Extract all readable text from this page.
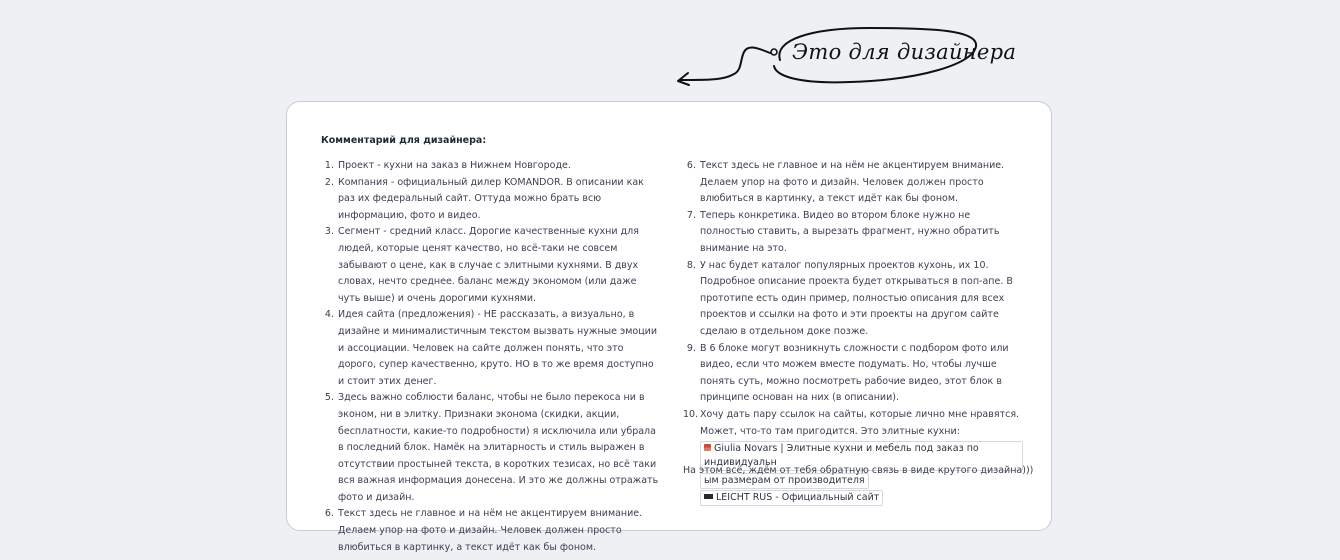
Это для дизайнера
Комментарий для дизайнера:
1. Проект - кухни на заказ в Нижнем Новгороде.
2. Компания - официальный дилер KOMANDOR. В описании как раз их федеральный сайт. Оттуда можно брать всю информацию, фото и видео.
3. Сегмент - средний класс. Дорогие качественные кухни для людей, которые ценят качество, но всё-таки не совсем забывают о цене, как в случае с элитными кухнями. В двух словах, нечто среднее. баланс между экономом (или даже чуть выше) и очень дорогими кухнями.
4. Идея сайта (предложения) - НЕ рассказать, а визуально, в дизайне и минималистичным текстом вызвать нужные эмоции и ассоциации. Человек на сайте должен понять, что это дорого, супер качественно, круто. НО в то же время доступно и стоит этих денег.
5. Здесь важно соблюсти баланс, чтобы не было перекоса ни в эконом, ни в элитку. Признаки эконома (скидки, акции, бесплатности, какие-то подробности) я исключила или убрала в последний блок. Намёк на элитарность и стиль выражен в отсутствии простыней текста, в коротких тезисах, но всё таки вся важная информация донесена. И это же должны отражать фото и дизайн.
6. Текст здесь не главное и на нём не акцентируем внимание. Делаем упор на фото и дизайн. Человек должен просто влюбиться в картинку, а текст идёт как бы фоном.
6. Текст здесь не главное и на нём не акцентируем внимание. Делаем упор на фото и дизайн. Человек должен просто влюбиться в картинку, а текст идёт как бы фоном.
7. Теперь конкретика. Видео во втором блоке нужно не полностью ставить, а вырезать фрагмент, нужно обратить внимание на это.
8. У нас будет каталог популярных проектов кухонь, их 10. Подробное описание проекта будет открываться в поп-апе. В прототипе есть один пример, полностью описания для всех проектов и ссылки на фото и эти проекты на другом сайте сделаю в отдельном доке позже.
9. В 6 блоке могут возникнуть сложности с подбором фото или видео, если что можем вместе подумать. Но, чтобы лучше понять суть, можно посмотреть рабочие видео, этот блок в принципе основан на них (в описании).
10. Хочу дать пару ссылок на сайты, которые лично мне нравятся. Может, что-то там пригодится. Это элитные кухни:
Giulia Novars | Элитные кухни и мебель под заказ по индивидуальн
ым размерам от производителя
LEICHT RUS - Официальный сайт
На этом всё, ждём от тебя обратную связь в виде крутого дизайна)))
